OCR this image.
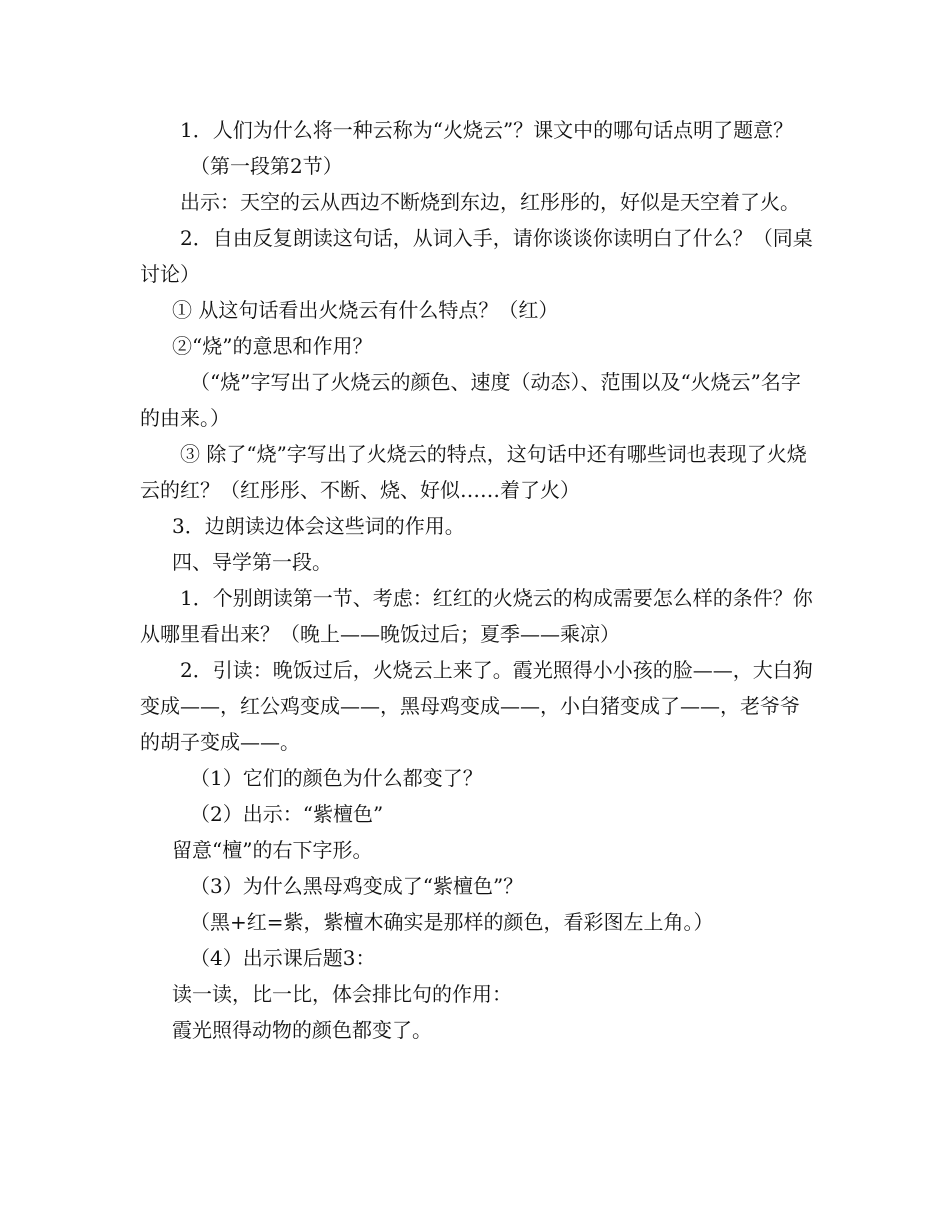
1．人们为什么将一种云称为“火烧云”？课文中的哪句话点明了题意？

（第一段第2节）

出示：天空的云从西边不断烧到东边，红彤彤的，好似是天空着了火。

2．自由反复朗读这句话，从词入手，请你谈谈你读明白了什么？（同桌讨论）

① 从这句话看出火烧云有什么特点？（红）

②“烧”的意思和作用？

（“烧”字写出了火烧云的颜色、速度（动态）、范围以及“火烧云”名字的由来。）

③ 除了“烧”字写出了火烧云的特点，这句话中还有哪些词也表现了火烧云的红？（红彤彤、不断、烧、好似……着了火）

3．边朗读边体会这些词的作用。

四、导学第一段。

1．个别朗读第一节、考虑：红红的火烧云的构成需要怎么样的条件？你从哪里看出来？（晚上——晚饭过后；夏季——乘凉）

2．引读：晚饭过后，火烧云上来了。霞光照得小小孩的脸——，大白狗变成——，红公鸡变成——，黑母鸡变成——，小白猪变成了——，老爷爷的胡子变成——。

（1）它们的颜色为什么都变了？

（2）出示：“紫檀色”

留意“檀”的右下字形。

（3）为什么黑母鸡变成了“紫檀色”？

（黑+红=紫，紫檀木确实是那样的颜色，看彩图左上角。）

（4）出示课后题3：

读一读，比一比，体会排比句的作用：

霞光照得动物的颜色都变了。
